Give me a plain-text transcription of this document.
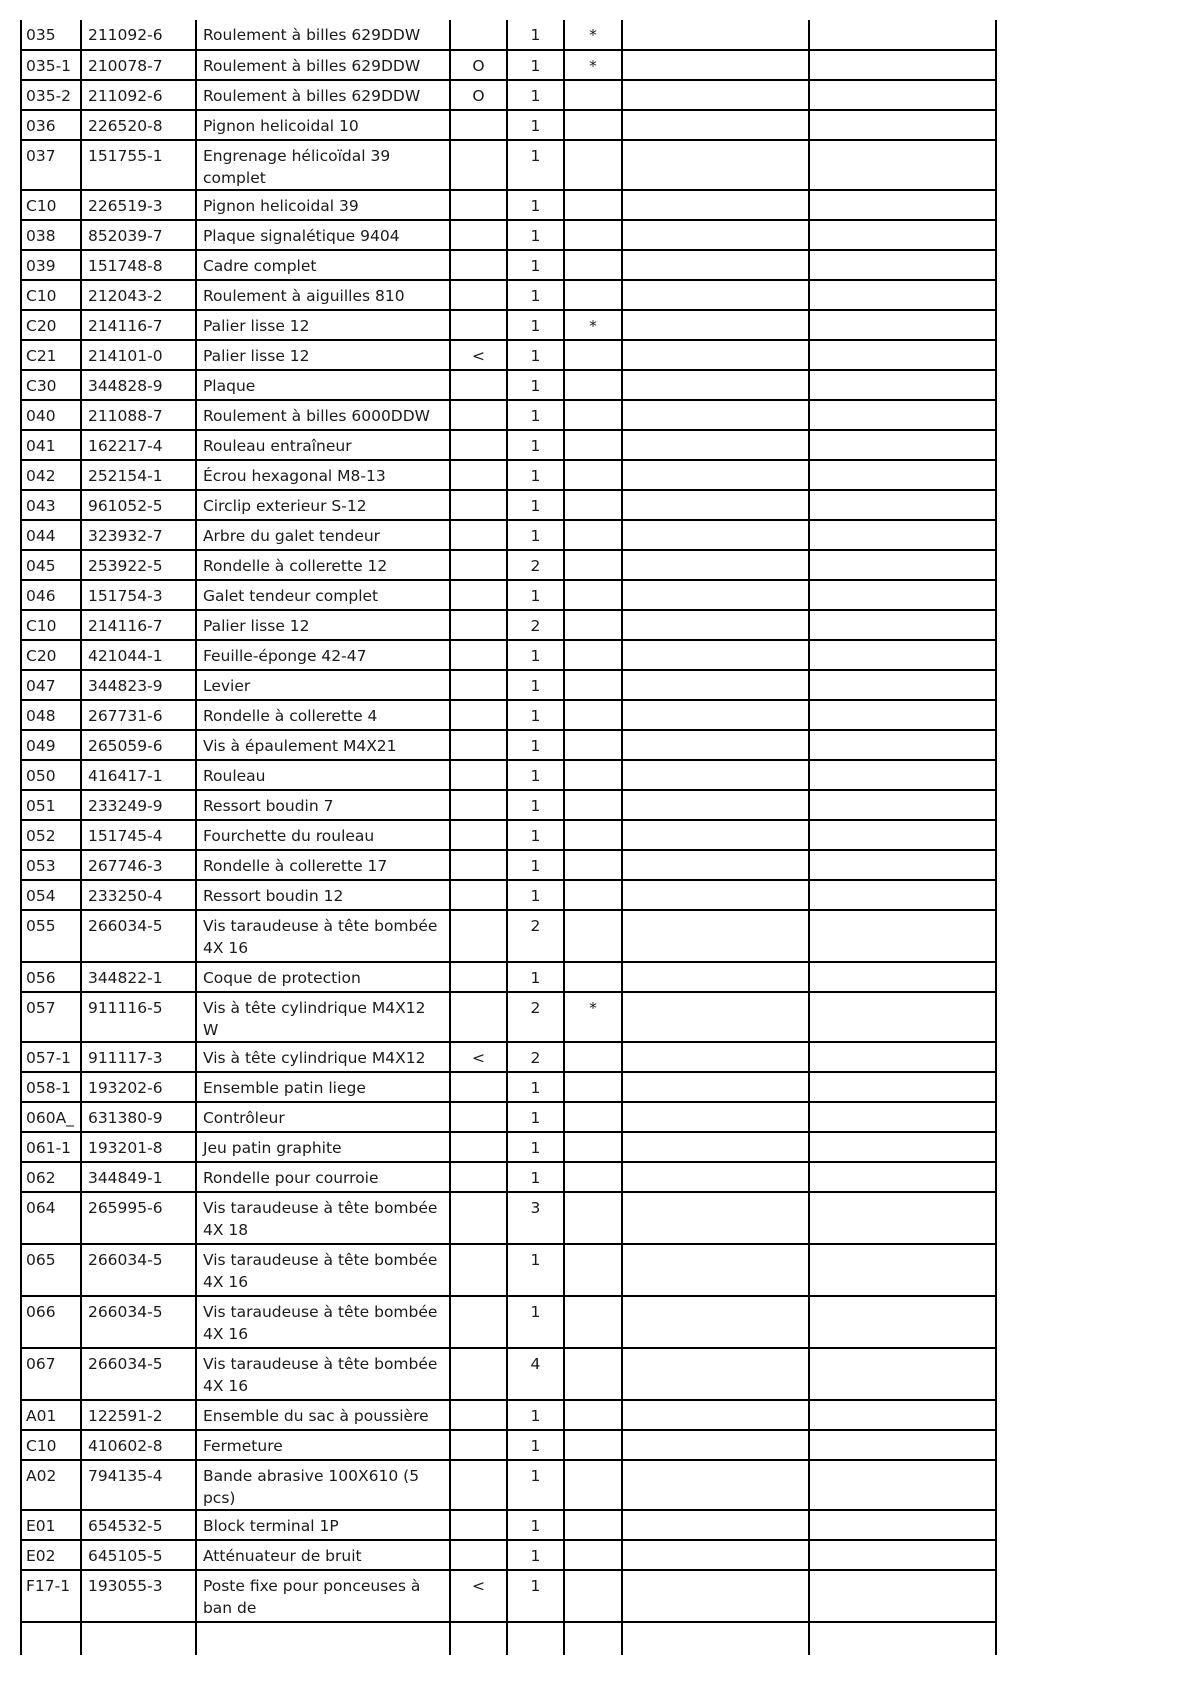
035	211092-6	Roulement à billes 629DDW		1	*		
035-1	210078-7	Roulement à billes 629DDW	O	1	*		
035-2	211092-6	Roulement à billes 629DDW	O	1			
036	226520-8	Pignon helicoidal 10		1			
037	151755-1	Engrenage hélicoïdal 39 complet		1			
C10	226519-3	Pignon helicoidal 39		1			
038	852039-7	Plaque signalétique 9404		1			
039	151748-8	Cadre complet		1			
C10	212043-2	Roulement à aiguilles 810		1			
C20	214116-7	Palier lisse 12		1	*		
C21	214101-0	Palier lisse 12	<	1			
C30	344828-9	Plaque		1			
040	211088-7	Roulement à billes 6000DDW		1			
041	162217-4	Rouleau entraîneur		1			
042	252154-1	Écrou hexagonal M8-13		1			
043	961052-5	Circlip exterieur S-12		1			
044	323932-7	Arbre du galet tendeur		1			
045	253922-5	Rondelle à collerette 12		2			
046	151754-3	Galet tendeur complet		1			
C10	214116-7	Palier lisse 12		2			
C20	421044-1	Feuille-éponge 42-47		1			
047	344823-9	Levier		1			
048	267731-6	Rondelle à collerette 4		1			
049	265059-6	Vis à épaulement M4X21		1			
050	416417-1	Rouleau		1			
051	233249-9	Ressort boudin 7		1			
052	151745-4	Fourchette du rouleau		1			
053	267746-3	Rondelle à collerette 17		1			
054	233250-4	Ressort boudin 12		1			
055	266034-5	Vis taraudeuse à tête bombée 4X 16		2			
056	344822-1	Coque de protection		1			
057	911116-5	Vis à tête cylindrique M4X12 W		2	*		
057-1	911117-3	Vis à tête cylindrique M4X12	<	2			
058-1	193202-6	Ensemble patin liege		1			
060A_	631380-9	Contrôleur		1			
061-1	193201-8	Jeu patin graphite		1			
062	344849-1	Rondelle pour courroie		1			
064	265995-6	Vis taraudeuse à tête bombée 4X 18		3			
065	266034-5	Vis taraudeuse à tête bombée 4X 16		1			
066	266034-5	Vis taraudeuse à tête bombée 4X 16		1			
067	266034-5	Vis taraudeuse à tête bombée 4X 16		4			
A01	122591-2	Ensemble du sac à poussière		1			
C10	410602-8	Fermeture		1			
A02	794135-4	Bande abrasive 100X610 (5 pcs)		1			
E01	654532-5	Block terminal 1P		1			
E02	645105-5	Atténuateur de bruit		1			
F17-1	193055-3	Poste fixe pour ponceuses à ban de	<	1			
